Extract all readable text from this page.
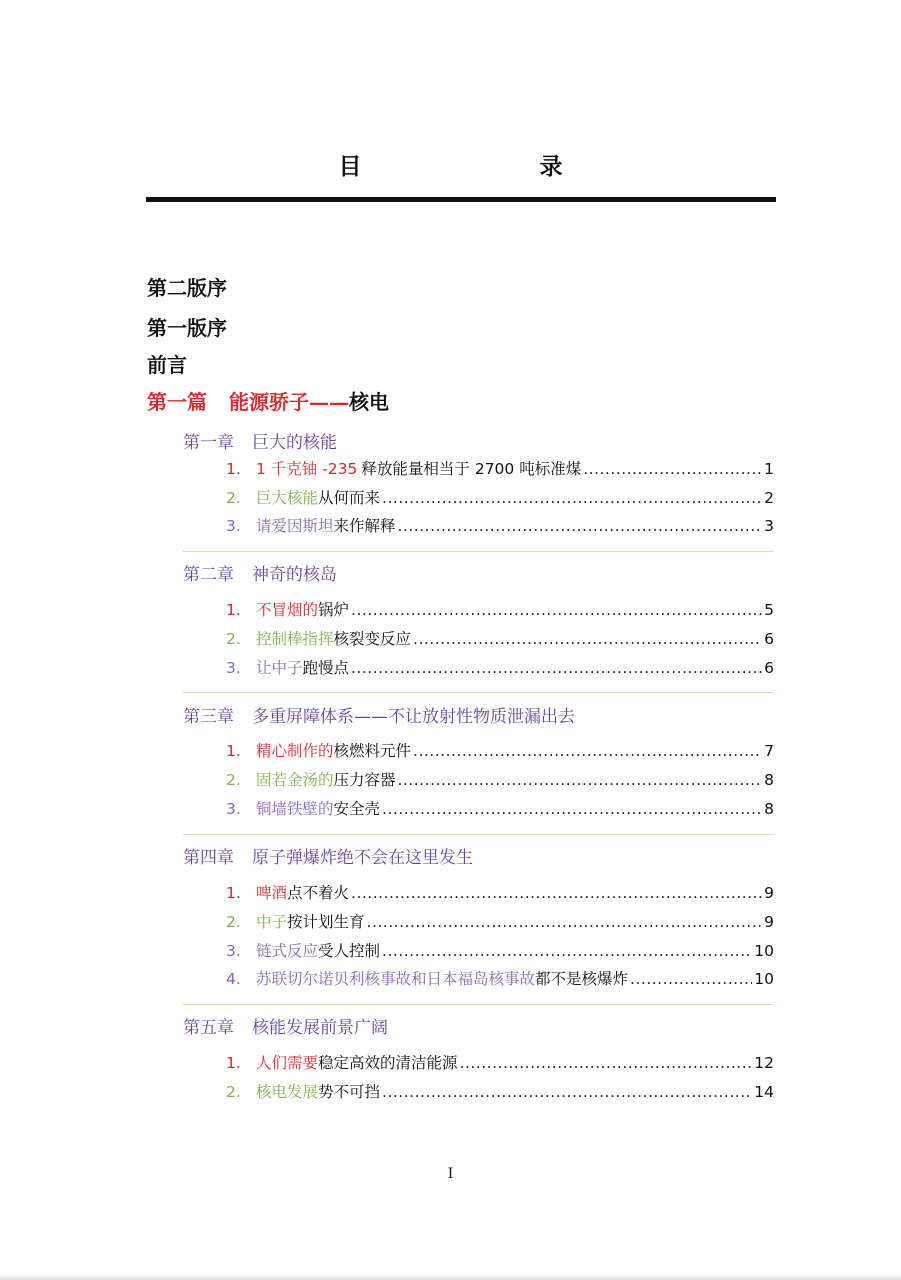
目　　录
第二版序
第一版序
前言
第一篇 能源骄子——核电
第一章 巨大的核能
1. 1 千克铀 -235 释放能量相当于 2700 吨标准煤 .....	1
2. 巨大核能 从何而来 .....	2
3. 请爱因斯坦 来作解释 .....	3
第二章 神奇的核岛
1. 不冒烟的 锅炉 .....	5
2. 控制棒指挥 核裂变反应 .....	6
3. 让中子 跑慢点 .....	6
第三章 多重屏障体系——不让放射性物质泄漏出去
1. 精心制作的 核燃料元件 .....	7
2. 固若金汤的 压力容器 .....	8
3. 铜墙铁壁的 安全壳 .....	8
第四章 原子弹爆炸绝不会在这里发生
1. 啤酒 点不着火 .....	9
2. 中子 按计划生育 .....	9
3. 链式反应 受人控制 .....	10
4. 苏联切尔诺贝利核事故和日本福岛核事故 都不是核爆炸 .....	10
第五章 核能发展前景广阔
1. 人们需要 稳定高效的清洁能源 .....	12
2. 核电发展 势不可挡 .....	14
I
